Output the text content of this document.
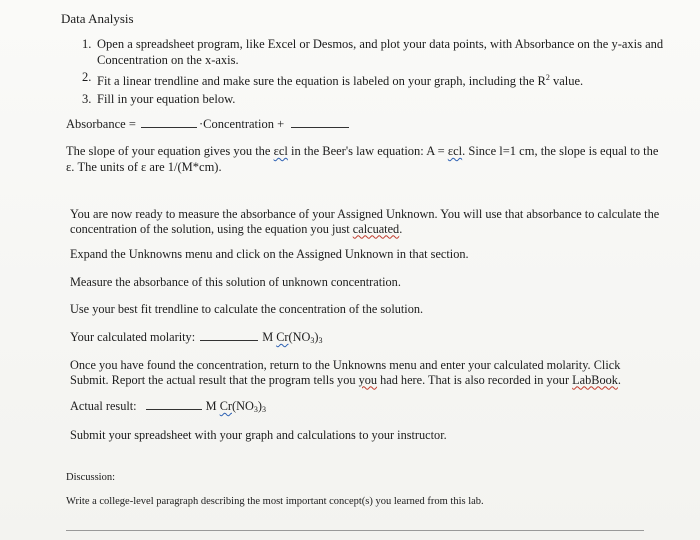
Data Analysis
1. Open a spreadsheet program, like Excel or Desmos, and plot your data points, with Absorbance on the y-axis and Concentration on the x-axis.
2. Fit a linear trendline and make sure the equation is labeled on your graph, including the $R^2$ value.
3. Fill in your equation below.
Absorbance =	·Concentration +
The slope of your equation gives you the εcl in the Beer's law equation: A = εcl. Since l=1 cm, the slope is equal to the ε. The units of ε are 1/(M*cm).
You are now ready to measure the absorbance of your Assigned Unknown. You will use that absorbance to calculate the concentration of the solution, using the equation you just calcuated.
Expand the Unknowns menu and click on the Assigned Unknown in that section.
Measure the absorbance of this solution of unknown concentration.
Use your best fit trendline to calculate the concentration of the solution.
Your calculated molarity:	M $Cr(NO_3)_3$
Once you have found the concentration, return to the Unknowns menu and enter your calculated molarity. Click Submit. Report the actual result that the program tells you you had here. That is also recorded in your LabBook.
Actual result:	M $Cr(NO_3)_3$
Submit your spreadsheet with your graph and calculations to your instructor.
Discussion:
Write a college-level paragraph describing the most important concept(s) you learned from this lab.
